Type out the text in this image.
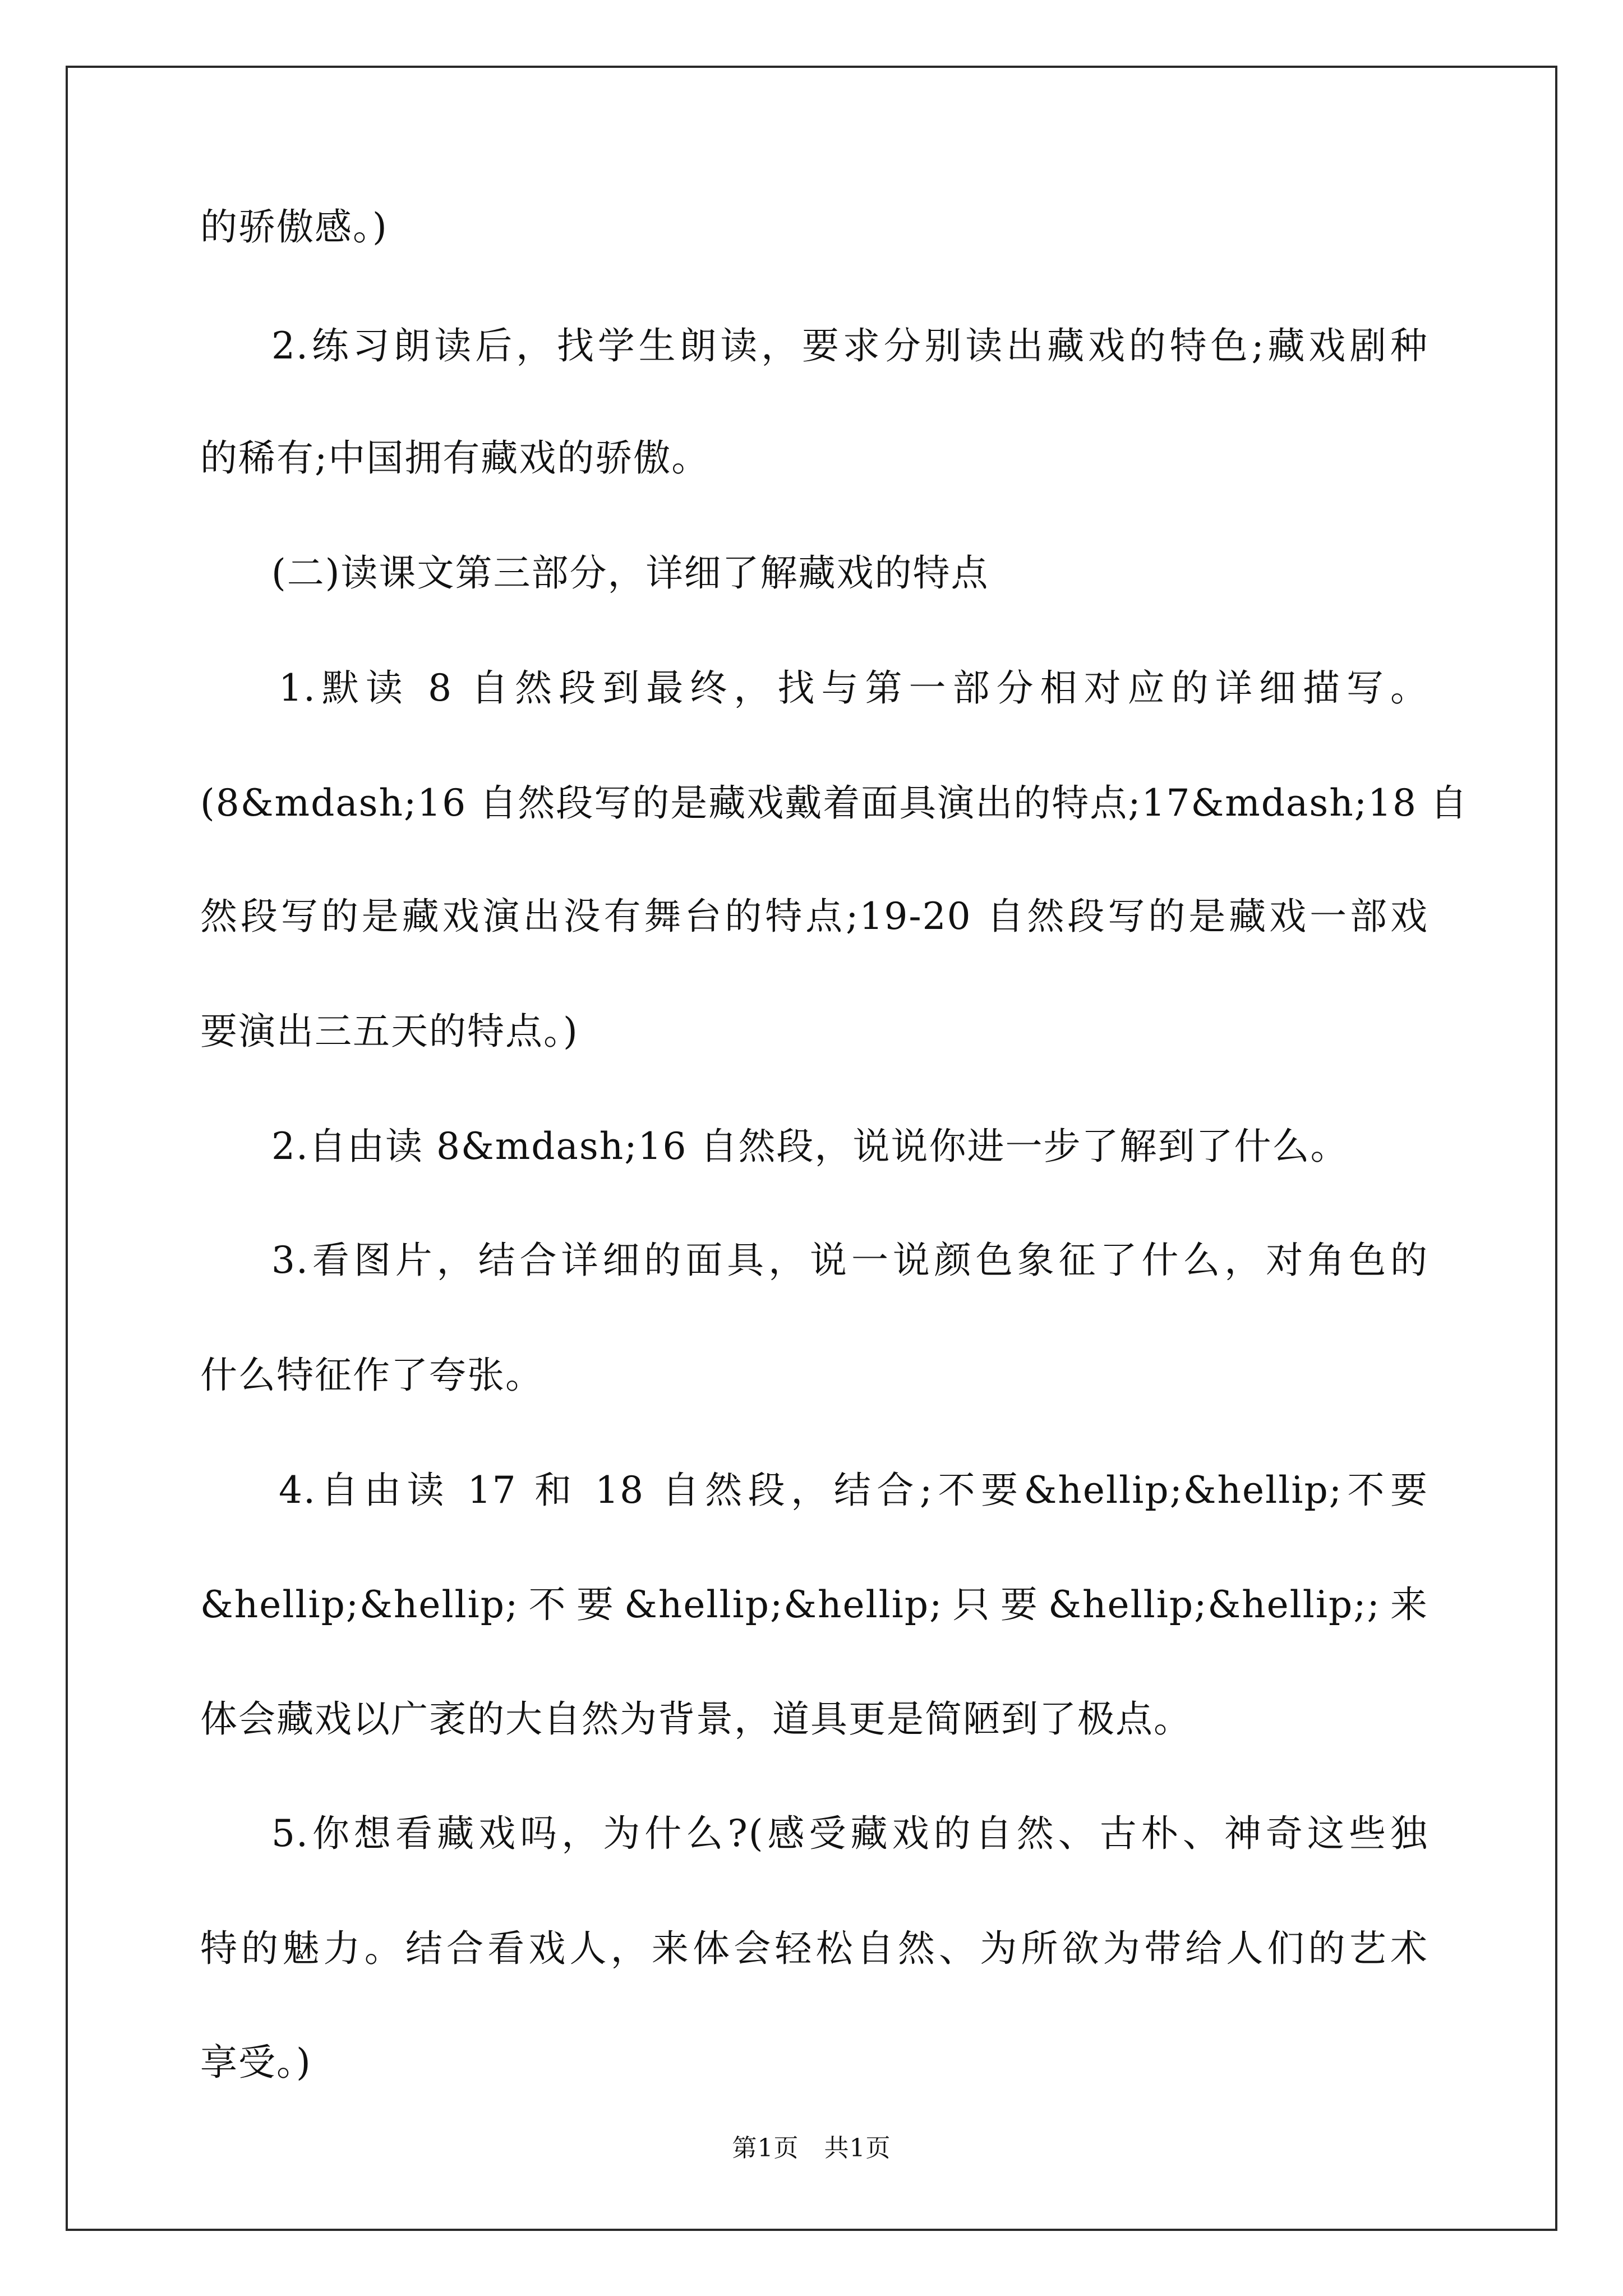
的骄傲感。)
2.练习朗读后，找学生朗读，要求分别读出藏戏的特色;藏戏剧种
的稀有;中国拥有藏戏的骄傲。
(二)读课文第三部分，详细了解藏戏的特点
1.默读 8 自然段到最终，找与第一部分相对应的详细描写。
(8&mdash;16 自然段写的是藏戏戴着面具演出的特点;17&mdash;18 自
然段写的是藏戏演出没有舞台的特点;19-20 自然段写的是藏戏一部戏
要演出三五天的特点。)
2.自由读 8&mdash;16 自然段，说说你进一步了解到了什么。
3.看图片，结合详细的面具，说一说颜色象征了什么，对角色的
什么特征作了夸张。
4.自由读 17 和 18 自然段，结合;不要&hellip;&hellip;不要
&hellip;&hellip;不要&hellip;&hellip;只要&hellip;&hellip;;来
体会藏戏以广袤的大自然为背景，道具更是简陋到了极点。
5.你想看藏戏吗，为什么?(感受藏戏的自然、古朴、神奇这些独
特的魅力。结合看戏人，来体会轻松自然、为所欲为带给人们的艺术
享受。)
第1页　共1页
